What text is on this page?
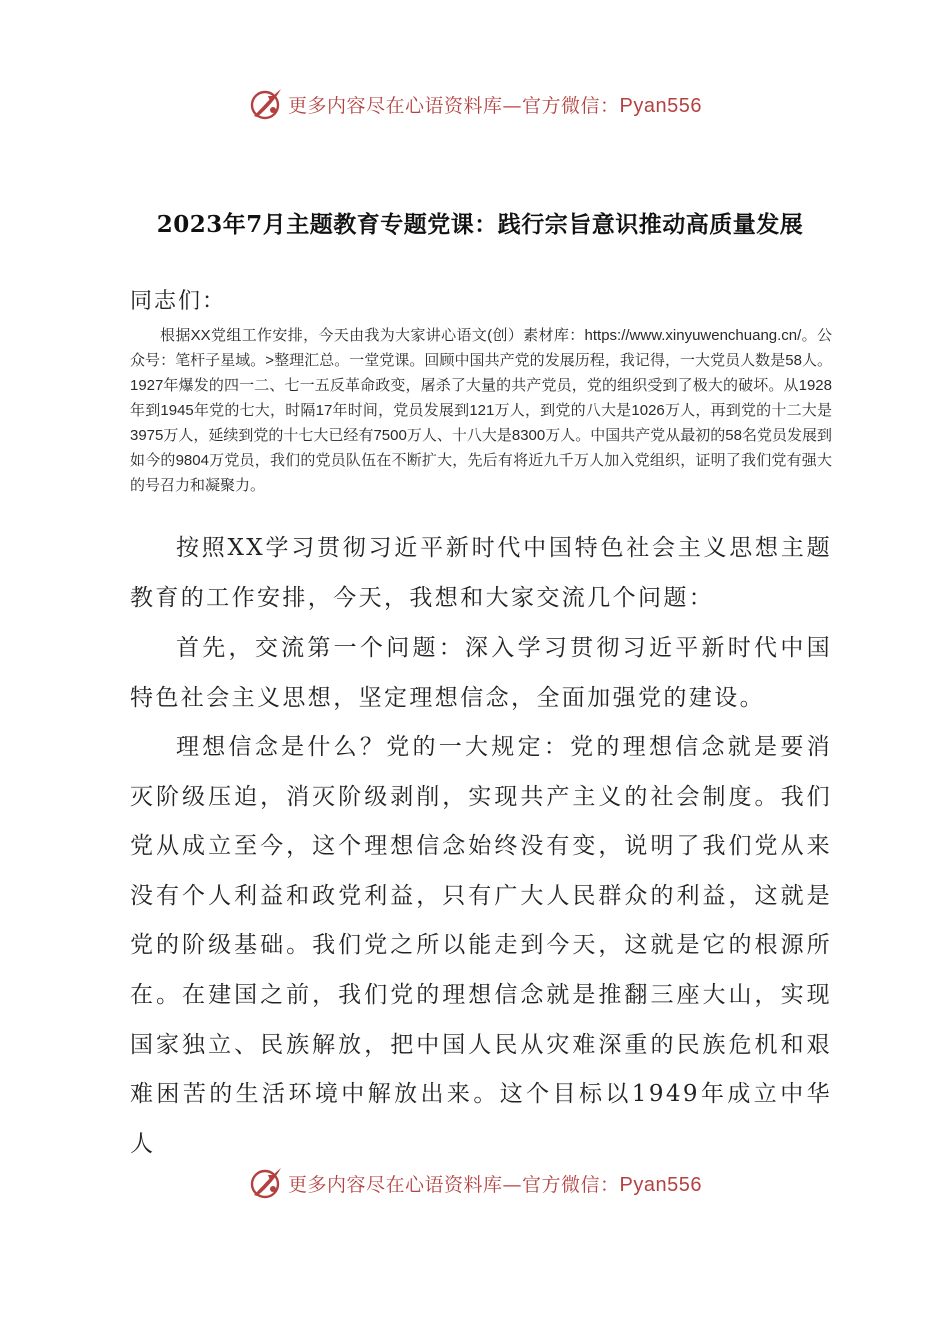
更多内容尽在心语资料库—官方微信：Pyan556
2023年7月主题教育专题党课：践行宗旨意识推动高质量发展
同志们：

根据XX党组工作安排，今天由我为大家讲心语文(创）素材库：https://www.xinyuwenchuang.cn/。公众号：笔杆子星域。>整理汇总。一堂党课。回顾中国共产党的发展历程，我记得，一大党员人数是58人。1927年爆发的四一二、七一五反革命政变，屠杀了大量的共产党员，党的组织受到了极大的破坏。从1928年到1945年党的七大，时隔17年时间，党员发展到121万人，到党的八大是1026万人，再到党的十二大是3975万人，延续到党的十七大已经有7500万人、十八大是8300万人。中国共产党从最初的58名党员发展到如今的9804万党员，我们的党员队伍在不断扩大，先后有将近九千万人加入党组织，证明了我们党有强大的号召力和凝聚力。

按照XX学习贯彻习近平新时代中国特色社会主义思想主题教育的工作安排，今天，我想和大家交流几个问题：

首先，交流第一个问题：深入学习贯彻习近平新时代中国特色社会主义思想，坚定理想信念，全面加强党的建设。

理想信念是什么？党的一大规定：党的理想信念就是要消灭阶级压迫，消灭阶级剥削，实现共产主义的社会制度。我们党从成立至今，这个理想信念始终没有变，说明了我们党从来没有个人利益和政党利益，只有广大人民群众的利益，这就是党的阶级基础。我们党之所以能走到今天，这就是它的根源所在。在建国之前，我们党的理想信念就是推翻三座大山，实现国家独立、民族解放，把中国人民从灾难深重的民族危机和艰难困苦的生活环境中解放出来。这个目标以1949年成立中华人

更多内容尽在心语资料库—官方微信：Pyan556
